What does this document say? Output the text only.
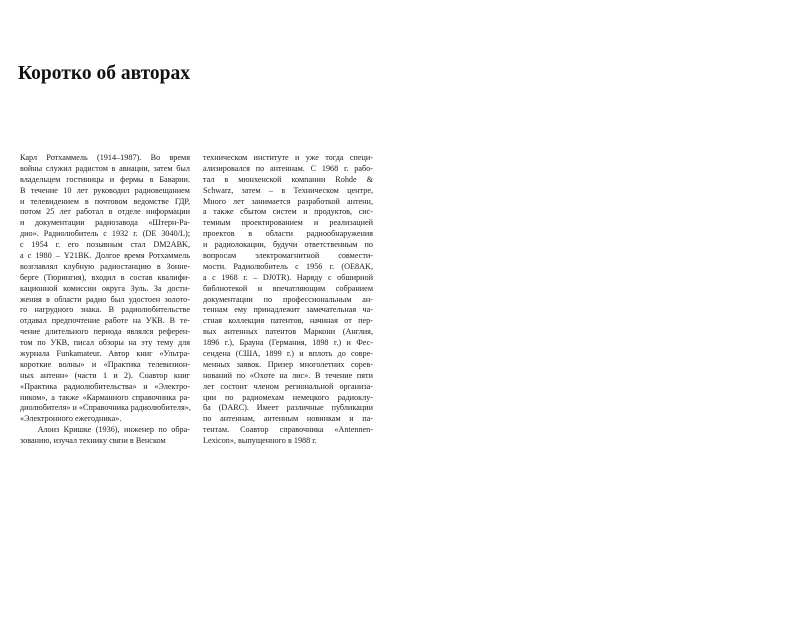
Коротко об авторах
Карл Ротхаммель (1914–1987). Во время
войны служил радистом в авиации, затем был
владельцем гостиницы и фермы в Баварии.
В течение 10 лет руководил радиовещанием
и телевидением в почтовом ведомстве ГДР,
потом 25 лет работал в отделе информации
и документации радиозавода «Штерн-Ра-
дио». Радиолюбитель с 1932 г. (DE 3040/L);
с 1954 г. его позывным стал DM2ABK,
а с 1980 – Y21BK. Долгое время Ротхаммель
возглавлял клубную радиостанцию в Зонне-
берге (Тюрингия), входил в состав квалифи-
кационной комиссии округа Зуль. За дости-
жения в области радио был удостоен золото-
го нагрудного знака. В радиолюбительстве
отдавал предпочтение работе на УКВ. В те-
чение длительного периода являлся референ-
том по УКВ, писал обзоры на эту тему для
журнала Funkamateur. Автор книг «Ультра-
короткие волны» и «Практика телевизион-
ных антенн» (части 1 и 2). Соавтор книг
«Практика радиолюбительства» и «Электро-
ником», а также «Карманного справочника ра-
диолюбителя» и «Справочника радиолюбителя»,
«Электронного ежегодника».
Алоиз Кришке (1936), инженер по обра-
зованию, изучал технику связи в Венском
техническом институте и уже тогда специ-
ализировался по антеннам. С 1968 г. рабо-
тал в мюнхенской компании Rohde &
Schwarz, затем – в Техническом центре,
Много лет занимается разработкой антенн,
а также сбытом систем и продуктов, сис-
темным проектированием и реализацией
проектов в области радиообнаружения
и радиолокации, будучи ответственным по
вопросам электромагнитной совмести-
мости. Радиолюбитель с 1956 г. (OE8AK,
а с 1968 г. – DJ0TR). Наряду с обширной
библиотекой и впечатляющим собранием
документации по профессиональным ан-
теннам ему принадлежит замечательная ча-
стная коллекция патентов, начиная от пер-
вых антенных патентов Маркони (Англия,
1896 г.), Брауна (Германия, 1898 г.) и Фес-
сендена (США, 1899 г.) и вплоть до совре-
менных заявок. Призер многолетних сорев-
нований по «Охоте на лис». В течение пяти
лет состоит членом региональной организа-
ции по радиомехам немецкого радиоклу-
ба (DARC). Имеет различные публикации
по антеннам, антенным новинкам и па-
тентам. Соавтор справочника «Antennen-
Lexicon», выпущенного в 1988 г.
